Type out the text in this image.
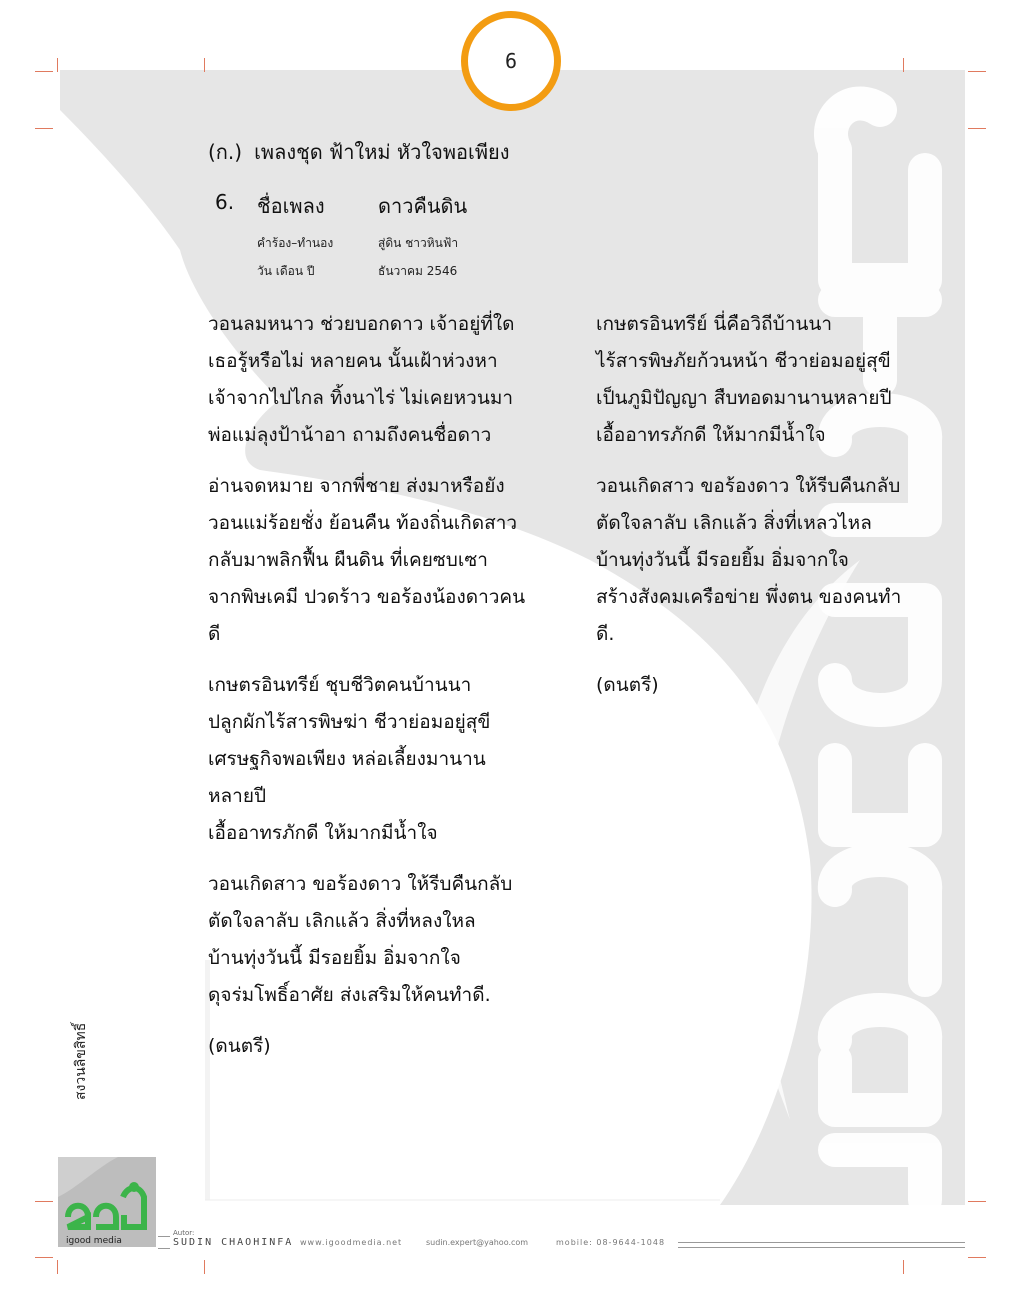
6
(ก.) เพลงชุด ฟ้าใหม่ หัวใจพอเพียง
6. ชื่อเพลง	ดาวคืนดิน
คำร้อง–ทำนอง	สู่ดิน ชาวหินฟ้า
วัน เดือน ปี	ธันวาคม 2546
วอนลมหนาว ช่วยบอกดาว เจ้าอยู่ที่ใด
เธอรู้หรือไม่ หลายคน นั้นเฝ้าห่วงหา
เจ้าจากไปไกล ทิ้งนาไร่ ไม่เคยหวนมา
พ่อแม่ลุงป้าน้าอา ถามถึงคนชื่อดาว
อ่านจดหมาย จากพี่ชาย ส่งมาหรือยัง
วอนแม่ร้อยชั่ง ย้อนคืน ท้องถิ่นเกิดสาว
กลับมาพลิกฟื้น ผืนดิน ที่เคยซบเซา
จากพิษเคมี ปวดร้าว ขอร้องน้องดาวคน
ดี
เกษตรอินทรีย์ ชุบชีวิตคนบ้านนา
ปลูกผักไร้สารพิษฆ่า ชีวาย่อมอยู่สุขี
เศรษฐกิจพอเพียง หล่อเลี้ยงมานาน
หลายปี
เอื้ออาทรภักดี ให้มากมีน้ำใจ
วอนเกิดสาว ขอร้องดาว ให้รีบคืนกลับ
ตัดใจลาลับ เลิกแล้ว สิ่งที่หลงใหล
บ้านทุ่งวันนี้ มีรอยยิ้ม อิ่มจากใจ
ดุจร่มโพธิ์อาศัย ส่งเสริมให้คนทำดี.
(ดนตรี)
เกษตรอินทรีย์ นี่คือวิถีบ้านนา
ไร้สารพิษภัยก้วนหน้า ชีวาย่อมอยู่สุขี
เป็นภูมิปัญญา สืบทอดมานานหลายปี
เอื้ออาทรภักดี ให้มากมีน้ำใจ
วอนเกิดสาว ขอร้องดาว ให้รีบคืนกลับ
ตัดใจลาลับ เลิกแล้ว สิ่งที่เหลวไหล
บ้านทุ่งวันนี้ มีรอยยิ้ม อิ่มจากใจ
สร้างสังคมเครือข่าย พึ่งตน ของคนทำ
ดี.
(ดนตรี)
สงวนลิขสิทธิ์
igood media
Autor:
SUDIN CHAOHINFA www.igoodmedia.net	sudin.expert@yahoo.com	mobile: 08-9644-1048
